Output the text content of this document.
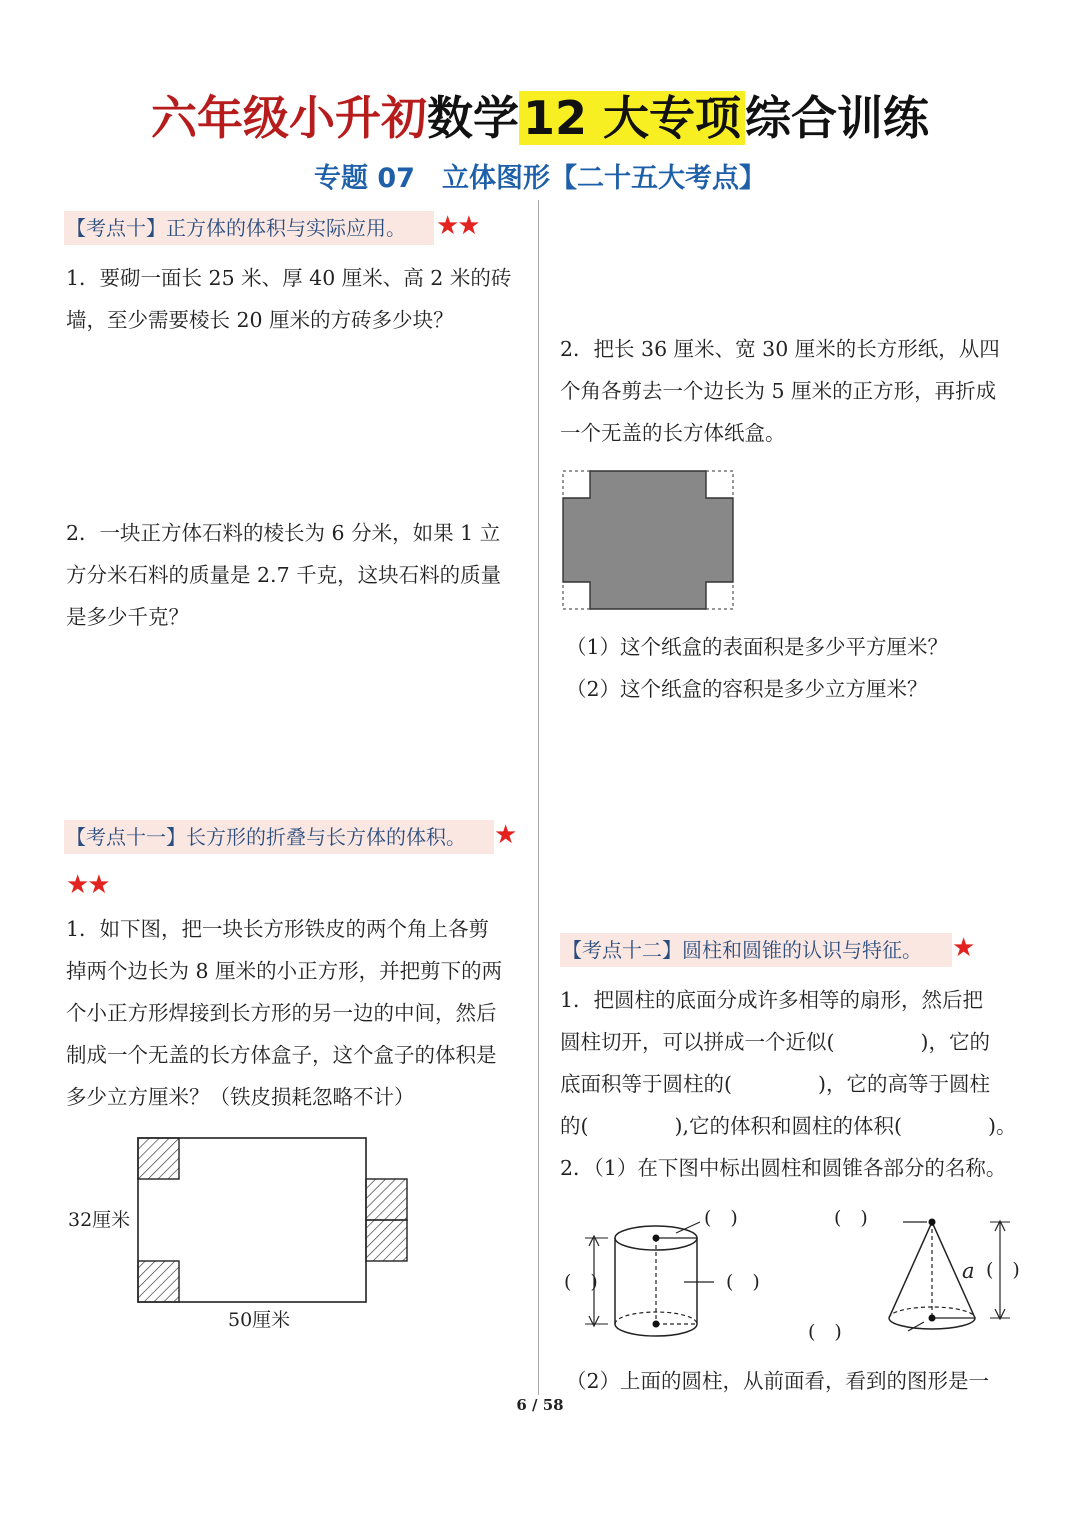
六年级小升初数学12 大专项综合训练
专题 07　立体图形【二十五大考点】
【考点十】正方体的体积与实际应用。	★★

1．要砌一面长 25 米、厚 40 厘米、高 2 米的砖

墙，至少需要棱长 20 厘米的方砖多少块？

2．一块正方体石料的棱长为 6 分米，如果 1 立

方分米石料的质量是 2.7 千克，这块石料的质量

是多少千克？

【考点十一】长方形的折叠与长方体的体积。	★
★★

1．如下图，把一块长方形铁皮的两个角上各剪

掉两个边长为 8 厘米的小正方形，并把剪下的两

个小正方形焊接到长方形的另一边的中间，然后

制成一个无盖的长方体盒子，这个盒子的体积是

多少立方厘米？（铁皮损耗忽略不计）

32厘米
50厘米

2．把长 36 厘米、宽 30 厘米的长方形纸，从四

个角各剪去一个边长为 5 厘米的正方形，再折成

一个无盖的长方体纸盒。

（1）这个纸盒的表面积是多少平方厘米？

（2）这个纸盒的容积是多少立方厘米？

【考点十二】圆柱和圆锥的认识与特征。	★

1．把圆柱的底面分成许多相等的扇形，然后把

圆柱切开，可以拼成一个近似(	)，它的

底面积等于圆柱的(	)，它的高等于圆柱

的(	),它的体积和圆柱的体积(	)。

2．（1）在下图中标出圆柱和圆锥各部分的名称。

(　)
(　)	(　)
(　)
a (　)
(　)

（2）上面的圆柱，从前面看，看到的图形是一

6 / 58
